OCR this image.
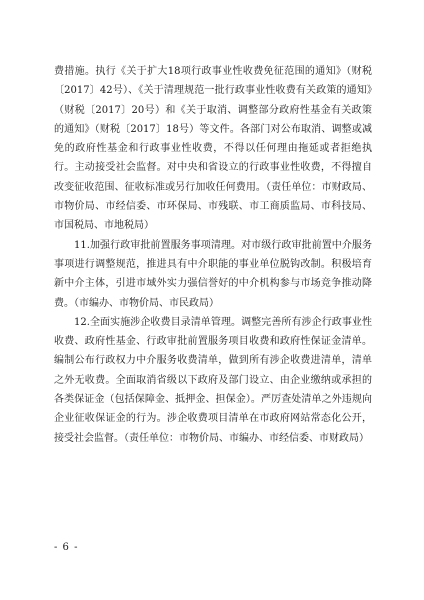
费措施。执行《关于扩大18项行政事业性收费免征范围的通知》（财税〔2017〕42号）、《关于清理规范一批行政事业性收费有关政策的通知》（财税〔2017〕20号）和《关于取消、调整部分政府性基金有关政策的通知》（财税〔2017〕18号）等文件。各部门对公布取消、调整或减免的政府性基金和行政事业性收费，不得以任何理由拖延或者拒绝执行。主动接受社会监督。对中央和省设立的行政事业性收费，不得擅自改变征收范围、征收标准或另行加收任何费用。（责任单位：市财政局、市物价局、市经信委、市环保局、市残联、市工商质监局、市科技局、市国税局、市地税局）

11.加强行政审批前置服务事项清理。对市级行政审批前置中介服务事项进行调整规范，推进具有中介职能的事业单位脱钩改制。积极培育新中介主体，引进市域外实力强信誉好的中介机构参与市场竞争推动降费。（市编办、市物价局、市民政局）

12.全面实施涉企收费目录清单管理。调整完善所有涉企行政事业性收费、政府性基金、行政审批前置服务项目收费和政府性保证金清单。编制公布行政权力中介服务收费清单，做到所有涉企收费进清单，清单之外无收费。全面取消省级以下政府及部门设立、由企业缴纳或承担的各类保证金（包括保障金、抵押金、担保金）。严厉查处清单之外违规向企业征收保证金的行为。涉企收费项目清单在市政府网站常态化公开，接受社会监督。（责任单位：市物价局、市编办、市经信委、市财政局）

- 6 -
